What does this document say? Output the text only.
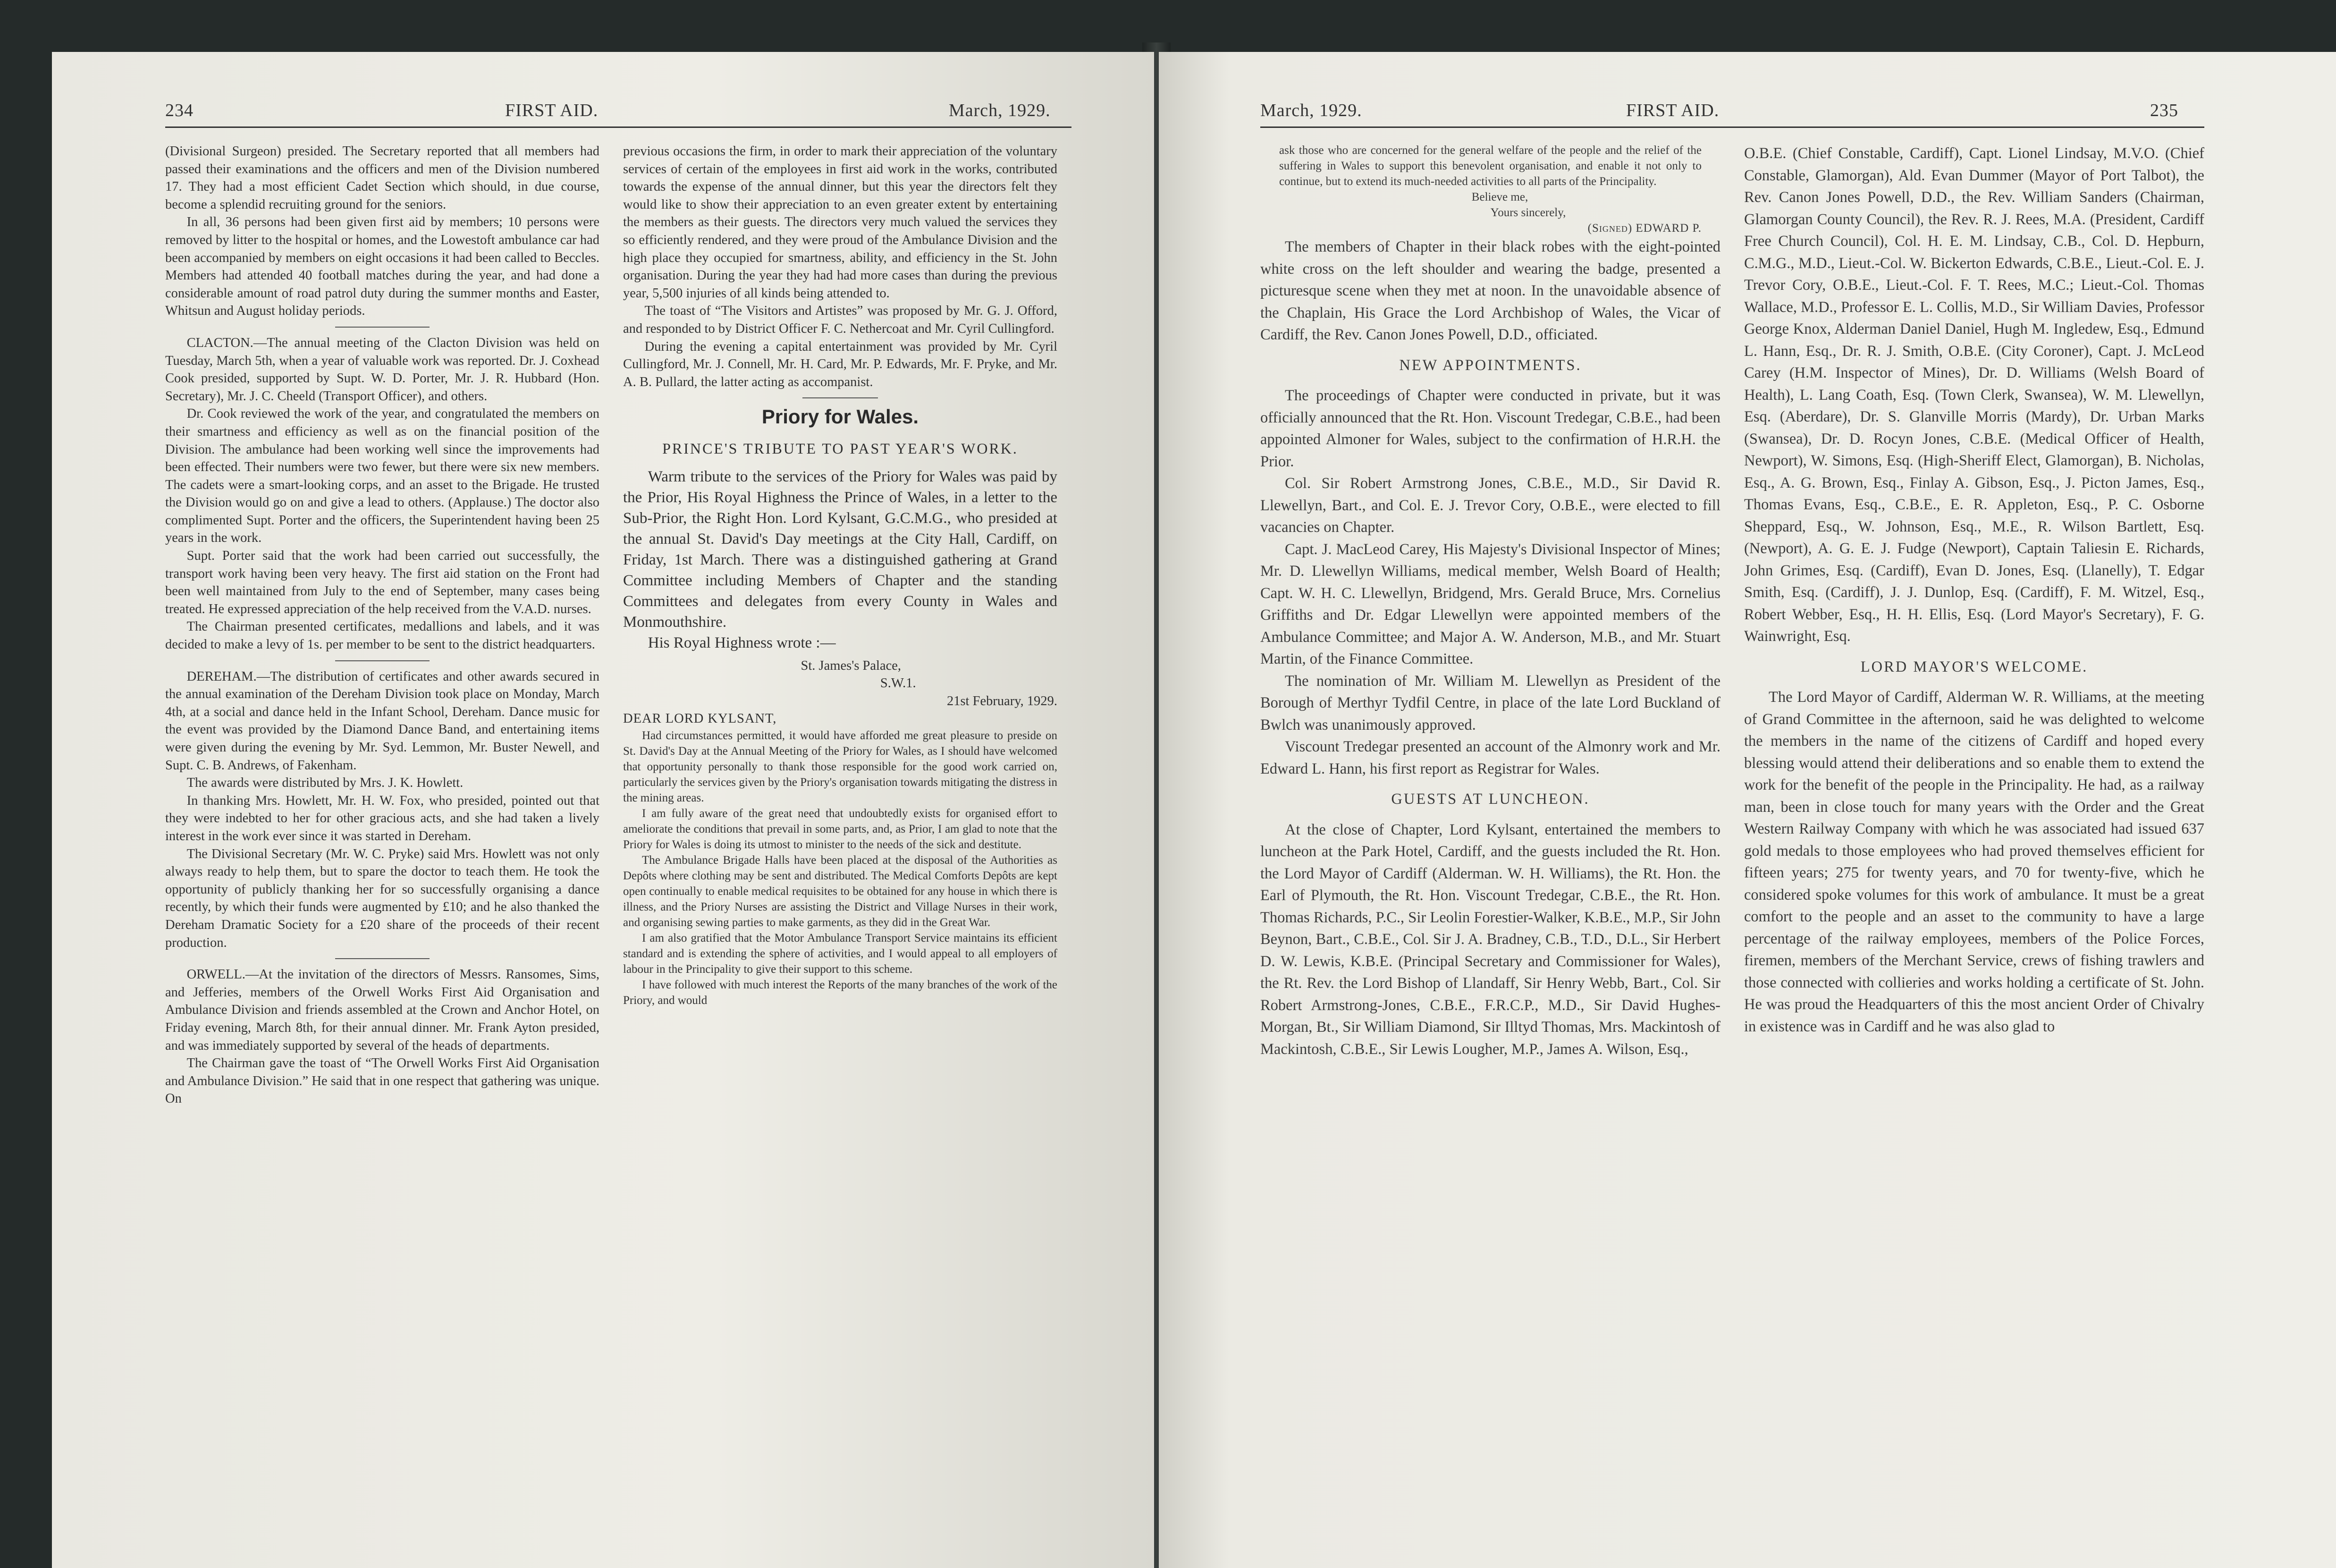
234	FIRST AID.	March, 1929.

(Divisional Surgeon) presided. The Secretary reported that all members had passed their examinations and the officers and men of the Division numbered 17. They had a most efficient Cadet Section which should, in due course, become a splendid recruiting ground for the seniors.

In all, 36 persons had been given first aid by members; 10 persons were removed by litter to the hospital or homes, and the Lowestoft ambulance car had been accompanied by members on eight occasions it had been called to Beccles. Members had attended 40 football matches during the year, and had done a considerable amount of road patrol duty during the summer months and Easter, Whitsun and August holiday periods.

CLACTON.—The annual meeting of the Clacton Division was held on Tuesday, March 5th, when a year of valuable work was reported. Dr. J. Coxhead Cook presided, supported by Supt. W. D. Porter, Mr. J. R. Hubbard (Hon. Secretary), Mr. J. C. Cheeld (Transport Officer), and others.

Dr. Cook reviewed the work of the year, and congratulated the members on their smartness and efficiency as well as on the financial position of the Division. The ambulance had been working well since the improvements had been effected. Their numbers were two fewer, but there were six new members. The cadets were a smart-looking corps, and an asset to the Brigade. He trusted the Division would go on and give a lead to others. (Applause.) The doctor also complimented Supt. Porter and the officers, the Superintendent having been 25 years in the work.

Supt. Porter said that the work had been carried out successfully, the transport work having been very heavy. The first aid station on the Front had been well maintained from July to the end of September, many cases being treated. He expressed appreciation of the help received from the V.A.D. nurses.

The Chairman presented certificates, medallions and labels, and it was decided to make a levy of 1s. per member to be sent to the district headquarters.

DEREHAM.—The distribution of certificates and other awards secured in the annual examination of the Dereham Division took place on Monday, March 4th, at a social and dance held in the Infant School, Dereham. Dance music for the event was provided by the Diamond Dance Band, and entertaining items were given during the evening by Mr. Syd. Lemmon, Mr. Buster Newell, and Supt. C. B. Andrews, of Fakenham.

The awards were distributed by Mrs. J. K. Howlett.

In thanking Mrs. Howlett, Mr. H. W. Fox, who presided, pointed out that they were indebted to her for other gracious acts, and she had taken a lively interest in the work ever since it was started in Dereham.

The Divisional Secretary (Mr. W. C. Pryke) said Mrs. Howlett was not only always ready to help them, but to spare the doctor to teach them. He took the opportunity of publicly thanking her for so successfully organising a dance recently, by which their funds were augmented by £10; and he also thanked the Dereham Dramatic Society for a £20 share of the proceeds of their recent production.

ORWELL.—At the invitation of the directors of Messrs. Ransomes, Sims, and Jefferies, members of the Orwell Works First Aid Organisation and Ambulance Division and friends assembled at the Crown and Anchor Hotel, on Friday evening, March 8th, for their annual dinner. Mr. Frank Ayton presided, and was immediately supported by several of the heads of departments.

The Chairman gave the toast of “The Orwell Works First Aid Organisation and Ambulance Division.” He said that in one respect that gathering was unique. On

previous occasions the firm, in order to mark their appreciation of the voluntary services of certain of the employees in first aid work in the works, contributed towards the expense of the annual dinner, but this year the directors felt they would like to show their appreciation to an even greater extent by entertaining the members as their guests. The directors very much valued the services they so efficiently rendered, and they were proud of the Ambulance Division and the high place they occupied for smartness, ability, and efficiency in the St. John organisation. During the year they had had more cases than during the previous year, 5,500 injuries of all kinds being attended to.

The toast of “The Visitors and Artistes” was proposed by Mr. G. J. Offord, and responded to by District Officer F. C. Nethercoat and Mr. Cyril Cullingford.

During the evening a capital entertainment was provided by Mr. Cyril Cullingford, Mr. J. Connell, Mr. H. Card, Mr. P. Edwards, Mr. F. Pryke, and Mr. A. B. Pullard, the latter acting as accompanist.

Priory for Wales.
PRINCE'S TRIBUTE TO PAST YEAR'S WORK.

Warm tribute to the services of the Priory for Wales was paid by the Prior, His Royal Highness the Prince of Wales, in a letter to the Sub-Prior, the Right Hon. Lord Kylsant, G.C.M.G., who presided at the annual St. David's Day meetings at the City Hall, Cardiff, on Friday, 1st March. There was a distinguished gathering at Grand Committee including Members of Chapter and the standing Committees and delegates from every County in Wales and Monmouthshire.

His Royal Highness wrote :—

St. James's Palace,

S.W.1.

21st February, 1929.

DEAR LORD KYLSANT,

Had circumstances permitted, it would have afforded me great pleasure to preside on St. David's Day at the Annual Meeting of the Priory for Wales, as I should have welcomed that opportunity personally to thank those responsible for the good work carried on, particularly the services given by the Priory's organisation towards mitigating the distress in the mining areas.

I am fully aware of the great need that undoubtedly exists for organised effort to ameliorate the conditions that prevail in some parts, and, as Prior, I am glad to note that the Priory for Wales is doing its utmost to minister to the needs of the sick and destitute.

The Ambulance Brigade Halls have been placed at the disposal of the Authorities as Depôts where clothing may be sent and distributed. The Medical Comforts Depôts are kept open continually to enable medical requisites to be obtained for any house in which there is illness, and the Priory Nurses are assisting the District and Village Nurses in their work, and organising sewing parties to make garments, as they did in the Great War.

I am also gratified that the Motor Ambulance Transport Service maintains its efficient standard and is extending the sphere of activities, and I would appeal to all employers of labour in the Principality to give their support to this scheme.

I have followed with much interest the Reports of the many branches of the work of the Priory, and would

March, 1929.	FIRST AID.	235

ask those who are concerned for the general welfare of the people and the relief of the suffering in Wales to support this benevolent organisation, and enable it not only to continue, but to extend its much-needed activities to all parts of the Principality.

Believe me,

Yours sincerely,

(Signed) EDWARD P.

The members of Chapter in their black robes with the eight-pointed white cross on the left shoulder and wearing the badge, presented a picturesque scene when they met at noon. In the unavoidable absence of the Chaplain, His Grace the Lord Archbishop of Wales, the Vicar of Cardiff, the Rev. Canon Jones Powell, D.D., officiated.

NEW APPOINTMENTS.

The proceedings of Chapter were conducted in private, but it was officially announced that the Rt. Hon. Viscount Tredegar, C.B.E., had been appointed Almoner for Wales, subject to the confirmation of H.R.H. the Prior.

Col. Sir Robert Armstrong Jones, C.B.E., M.D., Sir David R. Llewellyn, Bart., and Col. E. J. Trevor Cory, O.B.E., were elected to fill vacancies on Chapter.

Capt. J. MacLeod Carey, His Majesty's Divisional Inspector of Mines; Mr. D. Llewellyn Williams, medical member, Welsh Board of Health; Capt. W. H. C. Llewellyn, Bridgend, Mrs. Gerald Bruce, Mrs. Cornelius Griffiths and Dr. Edgar Llewellyn were appointed members of the Ambulance Committee; and Major A. W. Anderson, M.B., and Mr. Stuart Martin, of the Finance Committee.

The nomination of Mr. William M. Llewellyn as President of the Borough of Merthyr Tydfil Centre, in place of the late Lord Buckland of Bwlch was unanimously approved.

Viscount Tredegar presented an account of the Almonry work and Mr. Edward L. Hann, his first report as Registrar for Wales.

GUESTS AT LUNCHEON.

At the close of Chapter, Lord Kylsant, entertained the members to luncheon at the Park Hotel, Cardiff, and the guests included the Rt. Hon. the Lord Mayor of Cardiff (Alderman. W. H. Williams), the Rt. Hon. the Earl of Plymouth, the Rt. Hon. Viscount Tredegar, C.B.E., the Rt. Hon. Thomas Richards, P.C., Sir Leolin Forestier-Walker, K.B.E., M.P., Sir John Beynon, Bart., C.B.E., Col. Sir J. A. Bradney, C.B., T.D., D.L., Sir Herbert D. W. Lewis, K.B.E. (Principal Secretary and Commissioner for Wales), the Rt. Rev. the Lord Bishop of Llandaff, Sir Henry Webb, Bart., Col. Sir Robert Armstrong-Jones, C.B.E., F.R.C.P., M.D., Sir David Hughes-Morgan, Bt., Sir William Diamond, Sir Illtyd Thomas, Mrs. Mackintosh of Mackintosh, C.B.E., Sir Lewis Lougher, M.P., James A. Wilson, Esq.,

O.B.E. (Chief Constable, Cardiff), Capt. Lionel Lindsay, M.V.O. (Chief Constable, Glamorgan), Ald. Evan Dummer (Mayor of Port Talbot), the Rev. Canon Jones Powell, D.D., the Rev. William Sanders (Chairman, Glamorgan County Council), the Rev. R. J. Rees, M.A. (President, Cardiff Free Church Council), Col. H. E. M. Lindsay, C.B., Col. D. Hepburn, C.M.G., M.D., Lieut.-Col. W. Bickerton Edwards, C.B.E., Lieut.-Col. E. J. Trevor Cory, O.B.E., Lieut.-Col. F. T. Rees, M.C.; Lieut.-Col. Thomas Wallace, M.D., Professor E. L. Collis, M.D., Sir William Davies, Professor George Knox, Alderman Daniel Daniel, Hugh M. Ingledew, Esq., Edmund L. Hann, Esq., Dr. R. J. Smith, O.B.E. (City Coroner), Capt. J. McLeod Carey (H.M. Inspector of Mines), Dr. D. Williams (Welsh Board of Health), L. Lang Coath, Esq. (Town Clerk, Swansea), W. M. Llewellyn, Esq. (Aberdare), Dr. S. Glanville Morris (Mardy), Dr. Urban Marks (Swansea), Dr. D. Rocyn Jones, C.B.E. (Medical Officer of Health, Newport), W. Simons, Esq. (High-Sheriff Elect, Glamorgan), B. Nicholas, Esq., A. G. Brown, Esq., Finlay A. Gibson, Esq., J. Picton James, Esq., Thomas Evans, Esq., C.B.E., E. R. Appleton, Esq., P. C. Osborne Sheppard, Esq., W. Johnson, Esq., M.E., R. Wilson Bartlett, Esq. (Newport), A. G. E. J. Fudge (Newport), Captain Taliesin E. Richards, John Grimes, Esq. (Cardiff), Evan D. Jones, Esq. (Llanelly), T. Edgar Smith, Esq. (Cardiff), J. J. Dunlop, Esq. (Cardiff), F. M. Witzel, Esq., Robert Webber, Esq., H. H. Ellis, Esq. (Lord Mayor's Secretary), F. G. Wainwright, Esq.

LORD MAYOR'S WELCOME.

The Lord Mayor of Cardiff, Alderman W. R. Williams, at the meeting of Grand Committee in the afternoon, said he was delighted to welcome the members in the name of the citizens of Cardiff and hoped every blessing would attend their deliberations and so enable them to extend the work for the benefit of the people in the Principality. He had, as a railway man, been in close touch for many years with the Order and the Great Western Railway Company with which he was associated had issued 637 gold medals to those employees who had proved themselves efficient for fifteen years; 275 for twenty years, and 70 for twenty-five, which he considered spoke volumes for this work of ambulance. It must be a great comfort to the people and an asset to the community to have a large percentage of the railway employees, members of the Police Forces, firemen, members of the Merchant Service, crews of fishing trawlers and those connected with collieries and works holding a certificate of St. John. He was proud the Headquarters of this the most ancient Order of Chivalry in existence was in Cardiff and he was also glad to
